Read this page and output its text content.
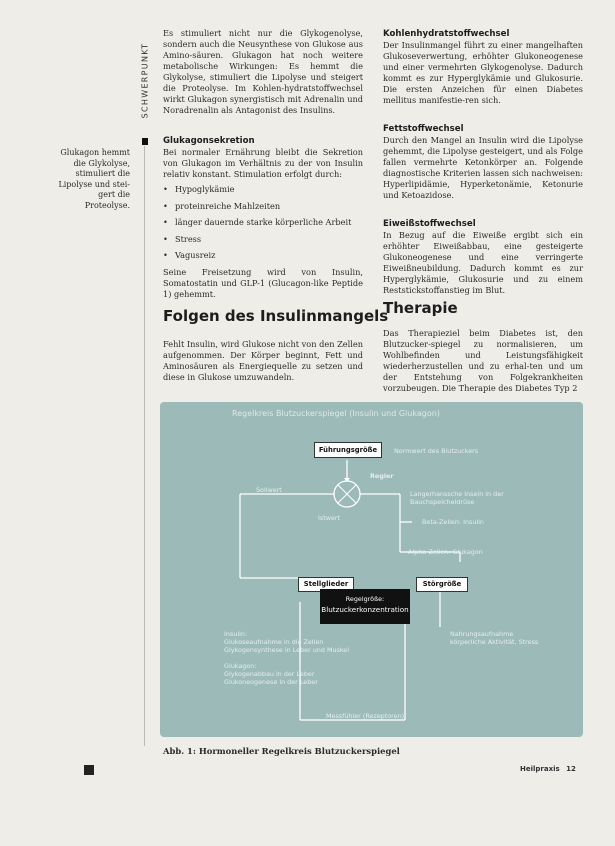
SCHWERPUNKT
Glukagon hemmt die Glykolyse, stimuliert die Lipolyse und stei-gert die Proteolyse.
Es stimuliert nicht nur die Glykogenolyse, sondern auch die Neusynthese von Glukose aus Amino-säuren. Glukagon hat noch weitere metabolische Wirkungen: Es hemmt die Glykolyse, stimuliert die Lipolyse und steigert die Proteolyse. Im Kohlen-hydratstoffwechsel wirkt Glukagon synergistisch mit Adrenalin und Noradrenalin als Antagonist des Insulins.
Glukagonsekretion
Bei normaler Ernährung bleibt die Sekretion von Glukagon im Verhältnis zu der von Insulin relativ konstant. Stimulation erfolgt durch:
• Hypoglykämie
• proteinreiche Mahlzeiten
• länger dauernde starke körperliche Arbeit
• Stress
• Vagusreiz
Seine Freisetzung wird von Insulin, Somatostatin und GLP-1 (Glucagon-like Peptide 1) gehemmt.
Folgen des Insulinmangels
Fehlt Insulin, wird Glukose nicht von den Zellen aufgenommen. Der Körper beginnt, Fett und Aminosäuren als Energiequelle zu setzen und diese in Glukose umzuwandeln.
Kohlenhydratstoffwechsel
Der Insulinmangel führt zu einer mangelhaften Glukoseverwertung, erhöhter Glukoneogenese und einer vermehrten Glykogenolyse. Dadurch kommt es zur Hyperglykämie und Glukosurie. Die ersten Anzeichen für einen Diabetes mellitus manifestie-ren sich.
Fettstoffwechsel
Durch den Mangel an Insulin wird die Lipolyse gehemmt, die Lipolyse gesteigert, und als Folge fallen vermehrte Ketonkörper an. Folgende diagnostische Kriterien lassen sich nachweisen: Hyperlipidämie, Hyperketonämie, Ketonurie und Ketoazidose.
Eiweißstoffwechsel
In Bezug auf die Eiweiße ergibt sich ein erhöhter Eiweißabbau, eine gesteigerte Glukoneogenese und eine verringerte Eiweißneubildung. Dadurch kommt es zur Hyperglykämie, Glukosurie und zu einem Reststickstoffanstieg im Blut.
Therapie
Das Therapieziel beim Diabetes ist, den Blutzucker-spiegel zu normalisieren, um Wohlbefinden und Leistungsfähigkeit wiederherzustellen und zu erhal-ten und um der Entstehung von Folgekrankheiten vorzubeugen. Die Therapie des Diabetes Typ 2
Regelkreis Blutzuckerspiegel (Insulin und Glukagon)
Führungsgröße	Normwert des Blutzuckers
Regler
Langerhanssche Inseln in der Bauchspeicheldrüse
Beta-Zellen: Insulin
Alpha-Zellen: Glukagon
Sollwert
Istwert
Stellglieder	Störgröße
Regelgröße:
Blutzuckerkonzentration
Insulin:
Glukoseaufnahme in die Zellen
Glykogensynthese in Leber und Muskel
Glukagon:
Glykogenabbau in der Leber
Glukoneogenese in der Leber
Nahrungsaufnahme
körperliche Aktivität, Stress
Messfühler (Rezeptoren)
Abb. 1: Hormoneller Regelkreis Blutzuckerspiegel
Heilpraxis 12
